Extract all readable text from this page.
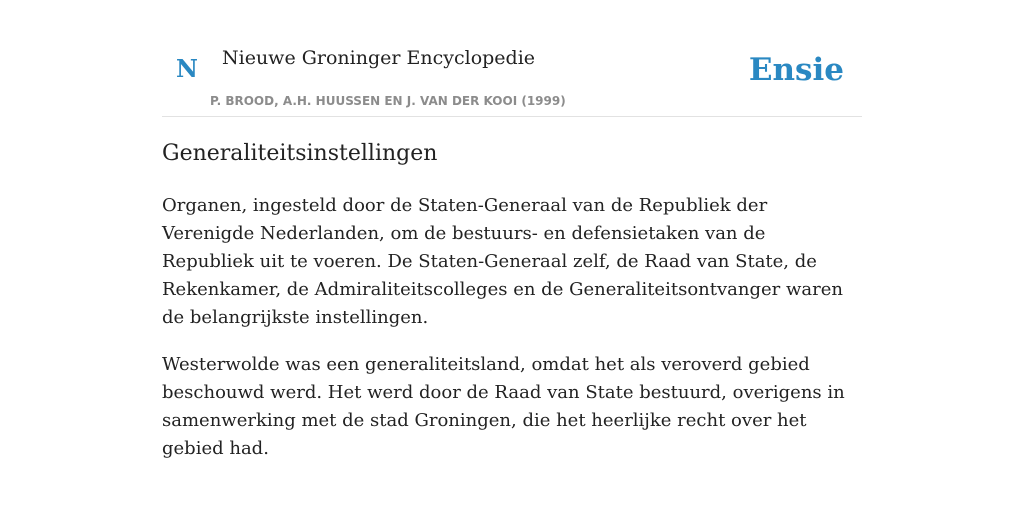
N Nieuwe Groninger Encyclopedie
P. BROOD, A.H. HUUSSEN EN J. VAN DER KOOI (1999)
Ensie
Generaliteitsinstellingen

Organen, ingesteld door de Staten-Generaal van de Republiek der Verenigde Nederlanden, om de bestuurs- en defensietaken van de Republiek uit te voeren. De Staten-Generaal zelf, de Raad van State, de Rekenkamer, de Admiraliteitscolleges en de Generaliteitsontvanger waren de belangrijkste instellingen.

Westerwolde was een generaliteitsland, omdat het als veroverd gebied beschouwd werd. Het werd door de Raad van State bestuurd, overigens in samenwerking met de stad Groningen, die het heerlijke recht over het gebied had.
